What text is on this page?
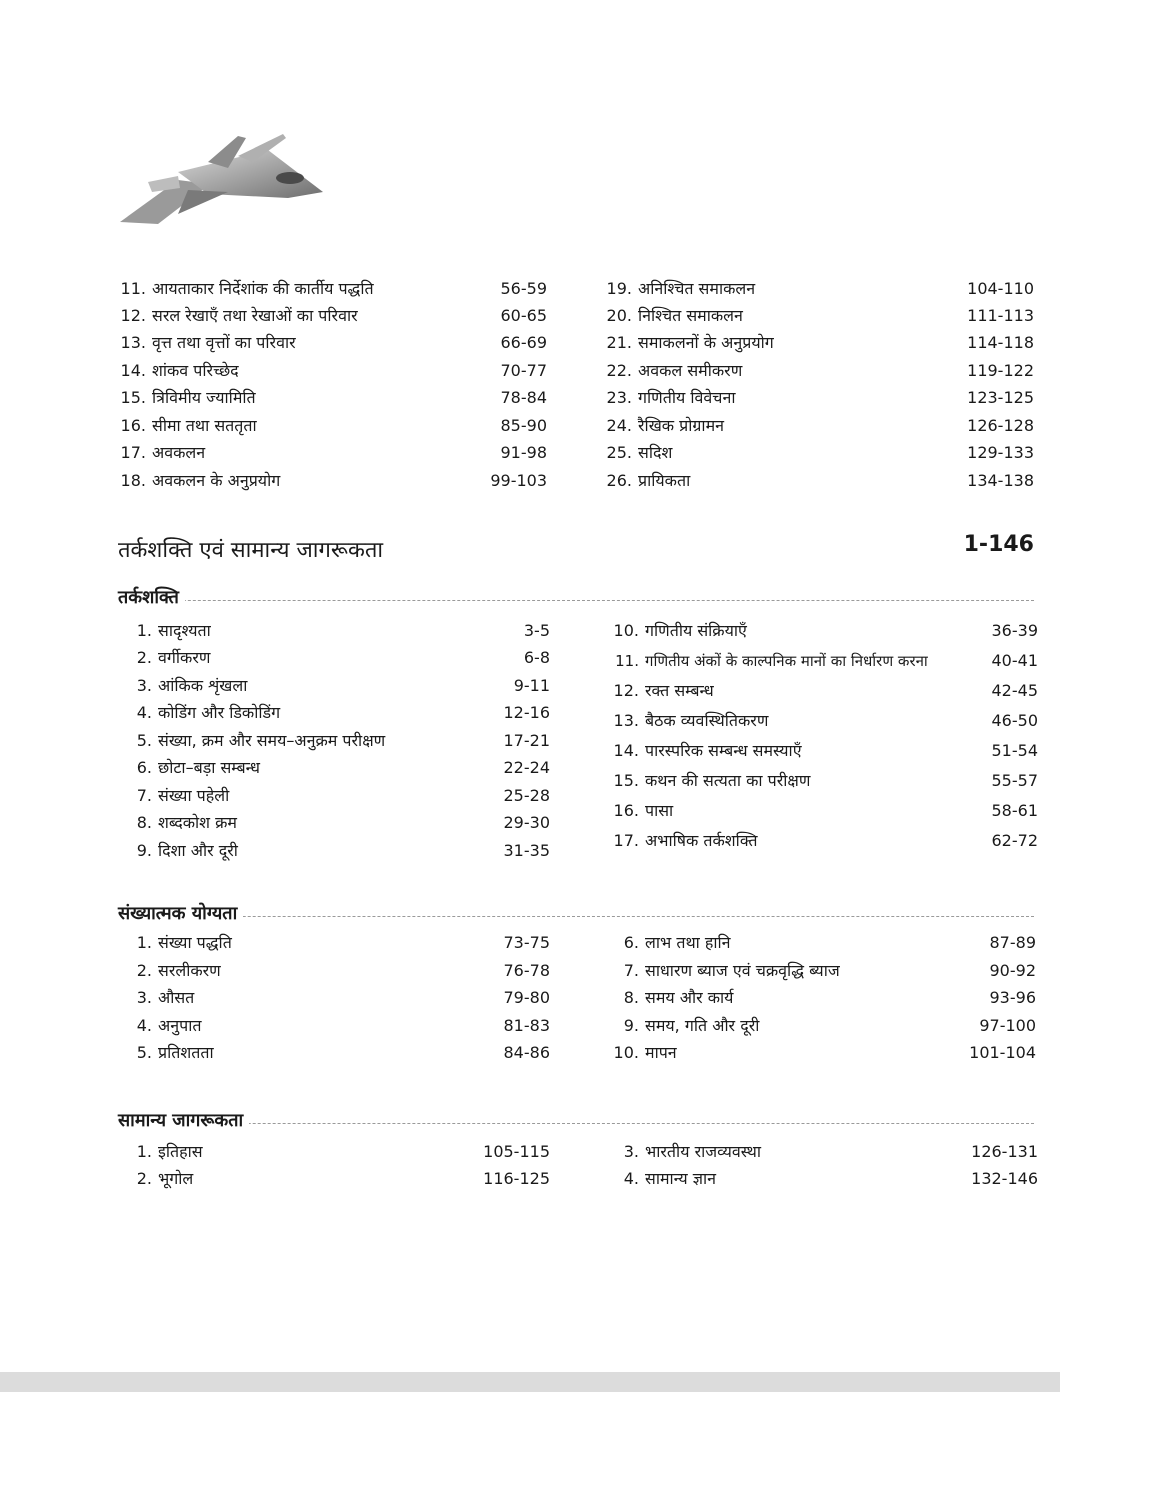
11. आयताकार निर्देशांक की कार्तीय पद्धति	56-59
12. सरल रेखाएँ तथा रेखाओं का परिवार	60-65
13. वृत्त तथा वृत्तों का परिवार	66-69
14. शांकव परिच्छेद	70-77
15. त्रिविमीय ज्यामिति	78-84
16. सीमा तथा सततृता	85-90
17. अवकलन	91-98
18. अवकलन के अनुप्रयोग	99-103
19. अनिश्चित समाकलन	104-110
20. निश्चित समाकलन	111-113
21. समाकलनों के अनुप्रयोग	114-118
22. अवकल समीकरण	119-122
23. गणितीय विवेचना	123-125
24. रैखिक प्रोग्रामन	126-128
25. सदिश	129-133
26. प्रायिकता	134-138
तर्कशक्ति एवं सामान्य जागरूकता	1-146
तर्कशक्ति
1. सादृश्यता	3-5
2. वर्गीकरण	6-8
3. आंकिक शृंखला	9-11
4. कोडिंग और डिकोडिंग	12-16
5. संख्या, क्रम और समय–अनुक्रम परीक्षण	17-21
6. छोटा–बड़ा सम्बन्ध	22-24
7. संख्या पहेली	25-28
8. शब्दकोश क्रम	29-30
9. दिशा और दूरी	31-35
10. गणितीय संक्रियाएँ	36-39
11. गणितीय अंकों के काल्पनिक मानों का निर्धारण करना	40-41
12. रक्त सम्बन्ध	42-45
13. बैठक व्यवस्थितिकरण	46-50
14. पारस्परिक सम्बन्ध समस्याएँ	51-54
15. कथन की सत्यता का परीक्षण	55-57
16. पासा	58-61
17. अभाषिक तर्कशक्ति	62-72
संख्यात्मक योग्यता
1. संख्या पद्धति	73-75
2. सरलीकरण	76-78
3. औसत	79-80
4. अनुपात	81-83
5. प्रतिशतता	84-86
6. लाभ तथा हानि	87-89
7. साधारण ब्याज एवं चक्रवृद्धि ब्याज	90-92
8. समय और कार्य	93-96
9. समय, गति और दूरी	97-100
10. मापन	101-104
सामान्य जागरूकता
1. इतिहास	105-115
2. भूगोल	116-125
3. भारतीय राजव्यवस्था	126-131
4. सामान्य ज्ञान	132-146
